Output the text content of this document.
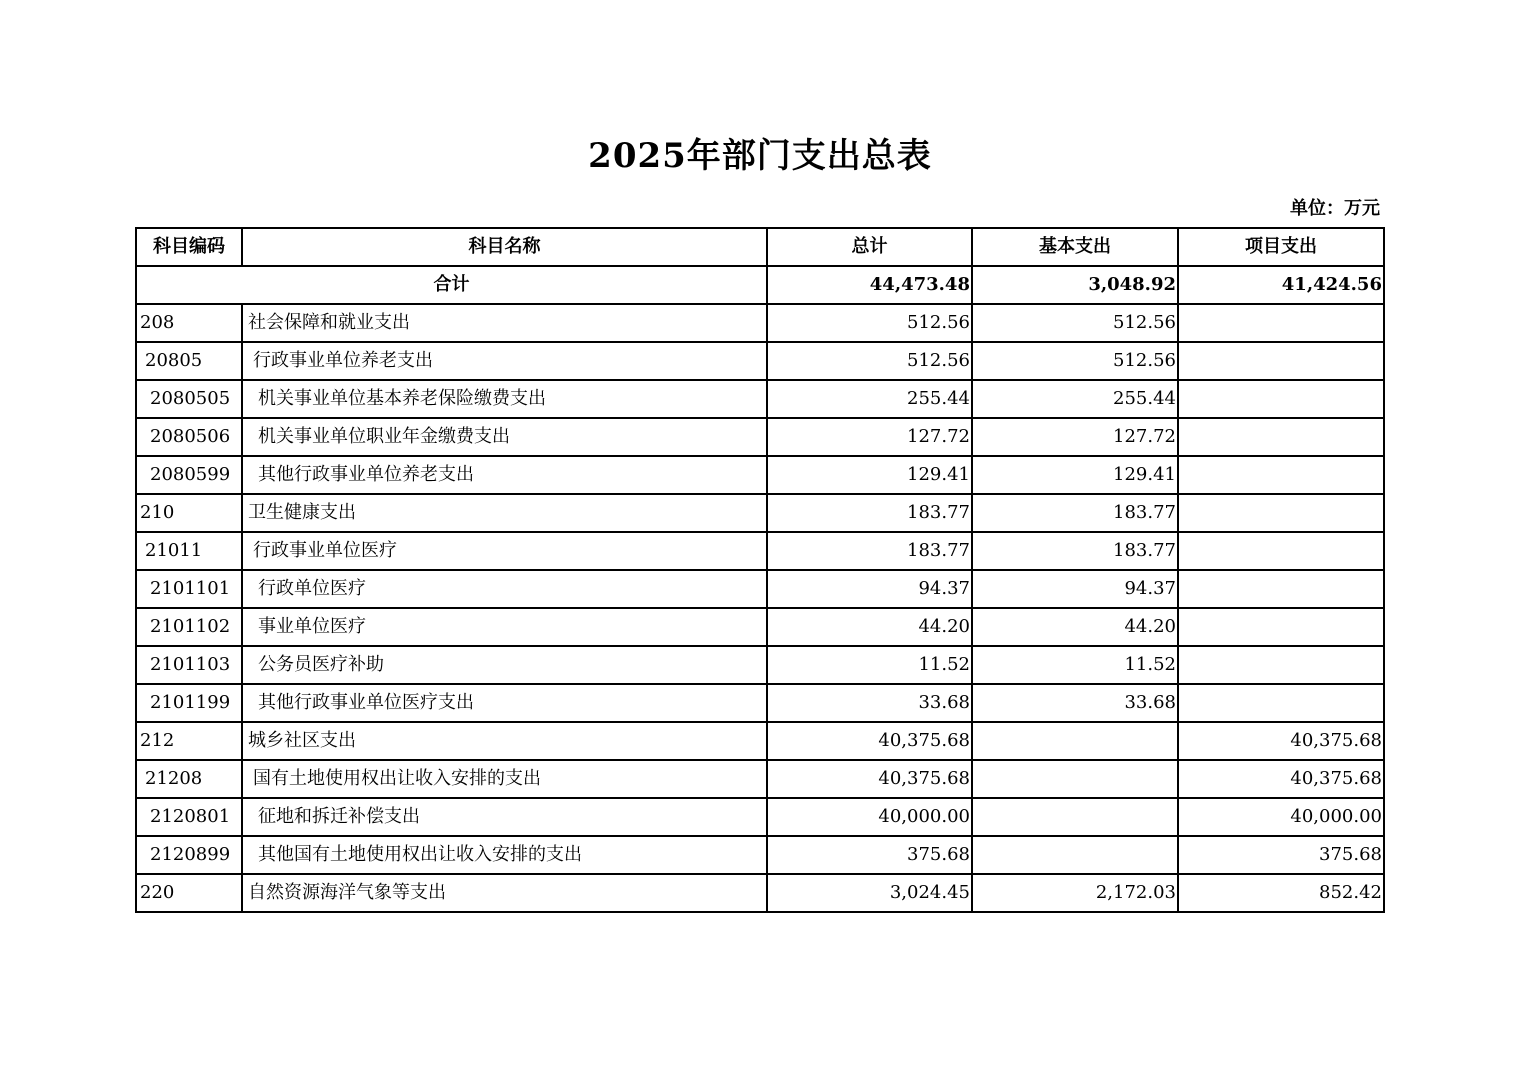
2025年部门支出总表
单位：万元
科目编码	科目名称	总计	基本支出	项目支出
合计		44,473.48	3,048.92	41,424.56
208	社会保障和就业支出	512.56	512.56	
20805	行政事业单位养老支出	512.56	512.56	
2080505	机关事业单位基本养老保险缴费支出	255.44	255.44	
2080506	机关事业单位职业年金缴费支出	127.72	127.72	
2080599	其他行政事业单位养老支出	129.41	129.41	
210	卫生健康支出	183.77	183.77	
21011	行政事业单位医疗	183.77	183.77	
2101101	行政单位医疗	94.37	94.37	
2101102	事业单位医疗	44.20	44.20	
2101103	公务员医疗补助	11.52	11.52	
2101199	其他行政事业单位医疗支出	33.68	33.68	
212	城乡社区支出	40,375.68		40,375.68
21208	国有土地使用权出让收入安排的支出	40,375.68		40,375.68
2120801	征地和拆迁补偿支出	40,000.00		40,000.00
2120899	其他国有土地使用权出让收入安排的支出	375.68		375.68
220	自然资源海洋气象等支出	3,024.45	2,172.03	852.42
